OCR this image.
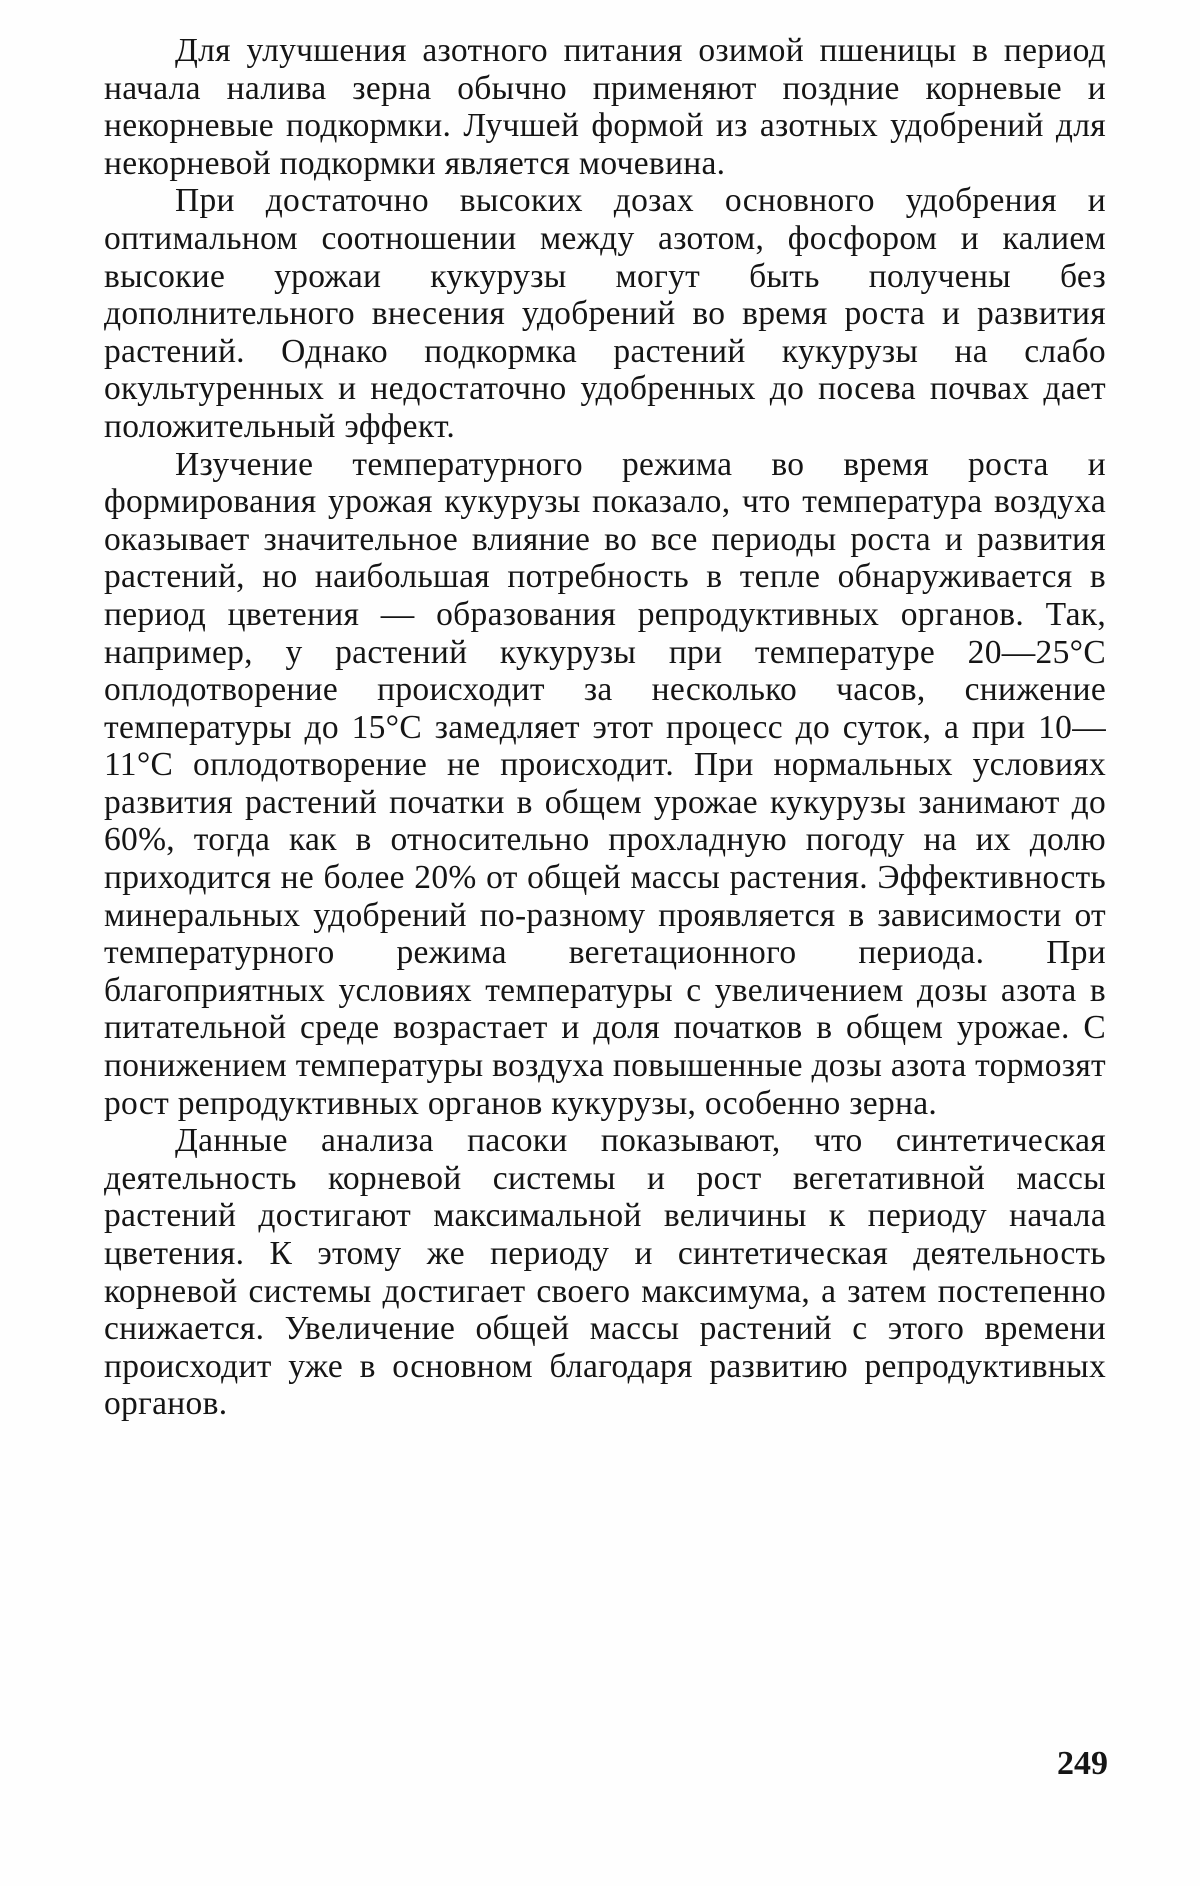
Для улучшения азотного питания озимой пшеницы в период начала налива зерна обычно применяют поздние корневые и некорневые подкормки. Лучшей формой из азотных удобрений для некорневой подкормки является мочевина.

При достаточно высоких дозах основного удобрения и оптимальном соотношении между азотом, фосфором и калием высокие урожаи кукурузы могут быть получены без дополнительного внесения удобрений во время роста и развития растений. Однако подкормка растений кукурузы на слабо окультуренных и недостаточно удобренных до посева почвах дает положительный эффект.

Изучение температурного режима во время роста и формирования урожая кукурузы показало, что температура воздуха оказывает значительное влияние во все периоды роста и развития растений, но наибольшая потребность в тепле обнаруживается в период цветения — образования репродуктивных органов. Так, например, у растений кукурузы при температуре 20—25°С оплодотворение происходит за несколько часов, снижение температуры до 15°С замедляет этот процесс до суток, а при 10—11°С оплодотворение не происходит. При нормальных условиях развития растений початки в общем урожае кукурузы занимают до 60%, тогда как в относительно прохладную погоду на их долю приходится не более 20% от общей массы растения. Эффективность минеральных удобрений по-разному проявляется в зависимости от температурного режима вегетационного периода. При благоприятных условиях температуры с увеличением дозы азота в питательной среде возрастает и доля початков в общем урожае. С понижением температуры воздуха повышенные дозы азота тормозят рост репродуктивных органов кукурузы, особенно зерна.

Данные анализа пасоки показывают, что синтетическая деятельность корневой системы и рост вегетативной массы растений достигают максимальной величины к периоду начала цветения. К этому же периоду и синтетическая деятельность корневой системы достигает своего максимума, а затем постепенно снижается. Увеличение общей массы растений с этого времени происходит уже в основном благодаря развитию репродуктивных органов.

249
